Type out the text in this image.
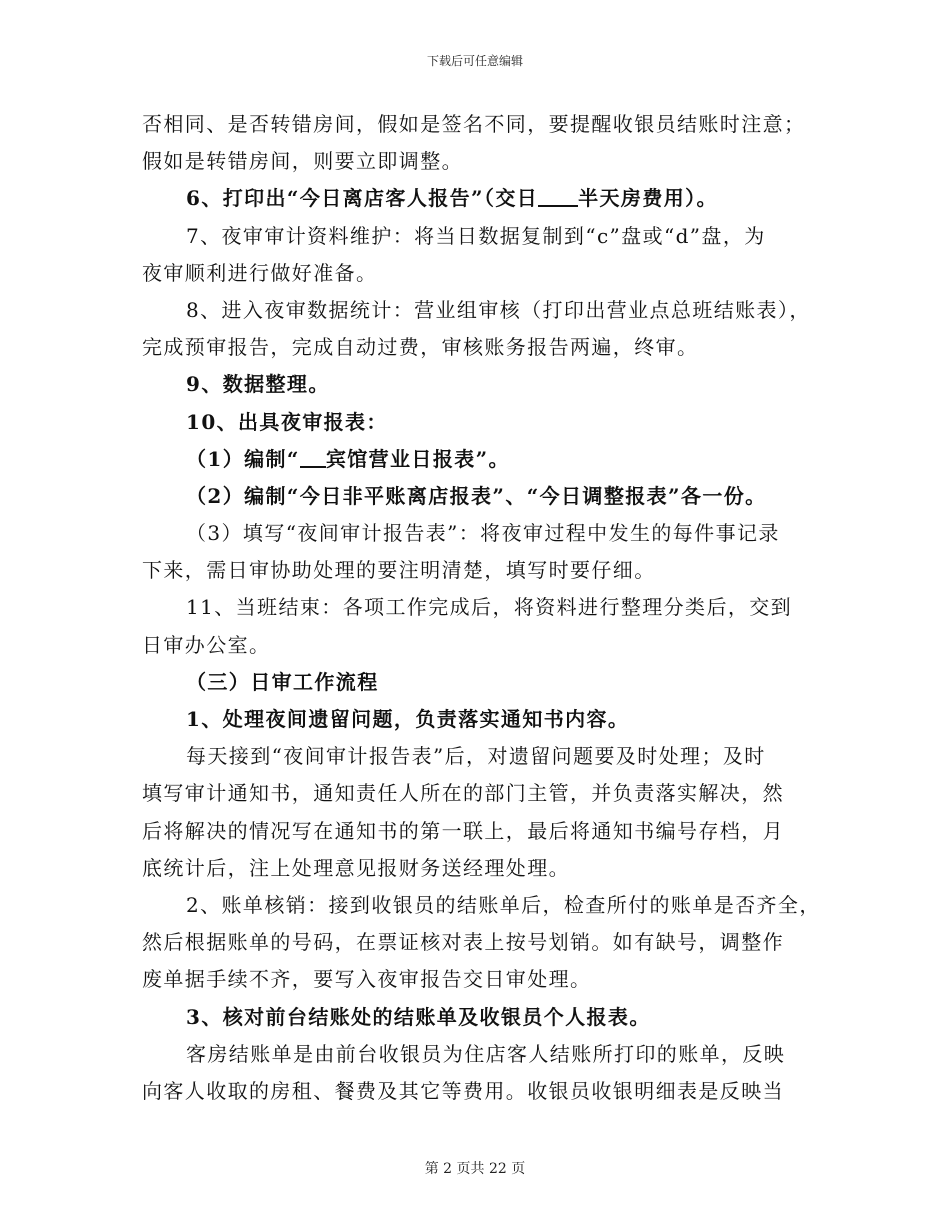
下载后可任意编辑
否相同、是否转错房间，假如是签名不同，要提醒收银员结账时注意；
假如是转错房间，则要立即调整。
6、打印出“今日离店客人报告”（交日 半天房费用）。
7、夜审审计资料维护：将当日数据复制到“c”盘或“d”盘，为
夜审顺利进行做好准备。
8、进入夜审数据统计：营业组审核（打印出营业点总班结账表），
完成预审报告，完成自动过费，审核账务报告两遍，终审。
9、数据整理。
10、出具夜审报表：
（1）编制“ 宾馆营业日报表”。
（2）编制“今日非平账离店报表”、“今日调整报表”各一份。
（3）填写“夜间审计报告表”：将夜审过程中发生的每件事记录
下来，需日审协助处理的要注明清楚，填写时要仔细。
11、当班结束：各项工作完成后，将资料进行整理分类后，交到
日审办公室。
（三）日审工作流程
1、处理夜间遗留问题，负责落实通知书内容。
每天接到“夜间审计报告表”后，对遗留问题要及时处理；及时
填写审计通知书，通知责任人所在的部门主管，并负责落实解决，然
后将解决的情况写在通知书的第一联上，最后将通知书编号存档，月
底统计后，注上处理意见报财务送经理处理。
2、账单核销：接到收银员的结账单后，检查所付的账单是否齐全，
然后根据账单的号码，在票证核对表上按号划销。如有缺号，调整作
废单据手续不齐，要写入夜审报告交日审处理。
3、核对前台结账处的结账单及收银员个人报表。
客房结账单是由前台收银员为住店客人结账所打印的账单，反映
向客人收取的房租、餐费及其它等费用。收银员收银明细表是反映当
第 2 页共 22 页
